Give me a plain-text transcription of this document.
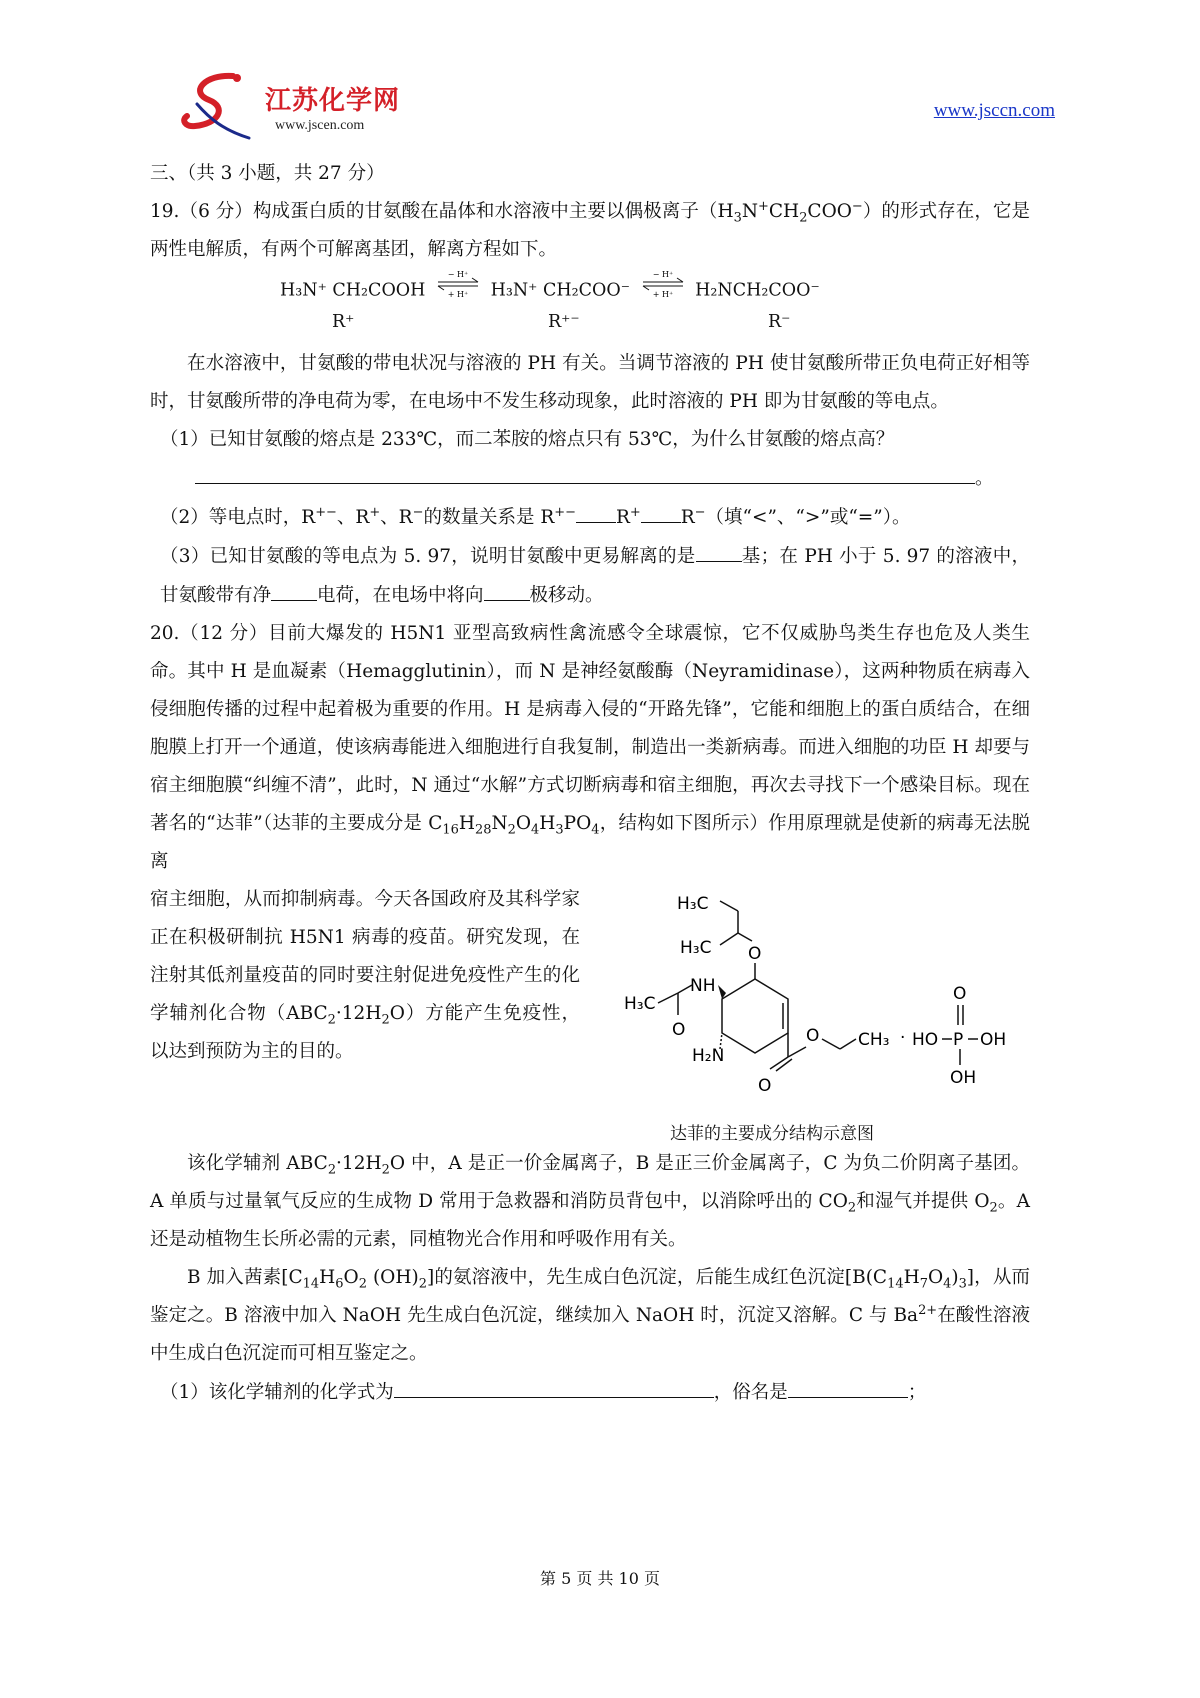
江苏化学网
www.jscen.com
www.jsccn.com

三、（共 3 小题，共 27 分）

19.（6 分）构成蛋白质的甘氨酸在晶体和水溶液中主要以偶极离子$(H_3N^+CH_2COO^-)$的形式存在，它是两性电解质，有两个可解离基团，解离方程如下。

H₃N⁺ CH₂COOH
− H⁺
+ H⁺ H₃N⁺ CH₂COO⁻
− H⁺
+ H⁺ H₂NCH₂COO⁻
R⁺	R⁺⁻	R⁻

在水溶液中，甘氨酸的带电状况与溶液的 PH 有关。当调节溶液的 PH 使甘氨酸所带正负电荷正好相等时，甘氨酸所带的净电荷为零，在电场中不发生移动现象，此时溶液的 PH 即为甘氨酸的等电点。

（1）已知甘氨酸的熔点是 233℃，而二苯胺的熔点只有 53℃，为什么甘氨酸的熔点高？

。

（2）等电点时，R+−、R+、R−的数量关系是 R+− R+ R−（填“<”、“>”或“=”）。

（3）已知甘氨酸的等电点为 5. 97，说明甘氨酸中更易解离的是 基；在 PH 小于 5. 97 的溶液中，甘氨酸带有净 电荷，在电场中将向 极移动。

20.（12 分）目前大爆发的 H5N1 亚型高致病性禽流感令全球震惊，它不仅威胁鸟类生存也危及人类生命。其中 H 是血凝素（Hemagglutinin），而 N 是神经氨酸酶（Neyramidinase），这两种物质在病毒入侵细胞传播的过程中起着极为重要的作用。H 是病毒入侵的“开路先锋”，它能和细胞上的蛋白质结合，在细胞膜上打开一个通道，使该病毒能进入细胞进行自我复制，制造出一类新病毒。而进入细胞的功臣 H 却要与宿主细胞膜“纠缠不清”，此时，N 通过“水解”方式切断病毒和宿主细胞，再次去寻找下一个感染目标。现在著名的“达菲”（达菲的主要成分是 $C_{16}H_{28}N_2O_4H_3PO_4$，结构如下图所示）作用原理就是使新的病毒无法脱离

宿主细胞，从而抑制病毒。今天各国政府及其科学家正在积极研制抗 H5N1 病毒的疫苗。研究发现，在注射其低剂量疫苗的同时要注射促进免疫性产生的化学辅剂化合物$(ABC_2\cdot 12H_2O)$方能产生免疫性，以达到预防为主的目的。

H₃C
H₃C O
H₃C
O
NH
H₂N
O
O CH₃ · HO P
O
OH
OH
达菲的主要成分结构示意图

该化学辅剂 $ABC_2\cdot 12H_2O$ 中，A 是正一价金属离子，B 是正三价金属离子，C 为负二价阴离子基团。A 单质与过量氧气反应的生成物 D 常用于急救器和消防员背包中，以消除呼出的 $CO_2$和湿气并提供 $O_2$。A 还是动植物生长所必需的元素，同植物光合作用和呼吸作用有关。

B 加入茜素[$C_{14}H_6O_2$ $(OH)_2$]的氨溶液中，先生成白色沉淀，后能生成红色沉淀$[B(C_{14}H_7O_4)_3]$，从而鉴定之。B 溶液中加入 NaOH 先生成白色沉淀，继续加入 NaOH 时，沉淀又溶解。C 与 $Ba^{2+}$在酸性溶液中生成白色沉淀而可相互鉴定之。

（1）该化学辅剂的化学式为	，俗名是	；

第 5 页 共 10 页
